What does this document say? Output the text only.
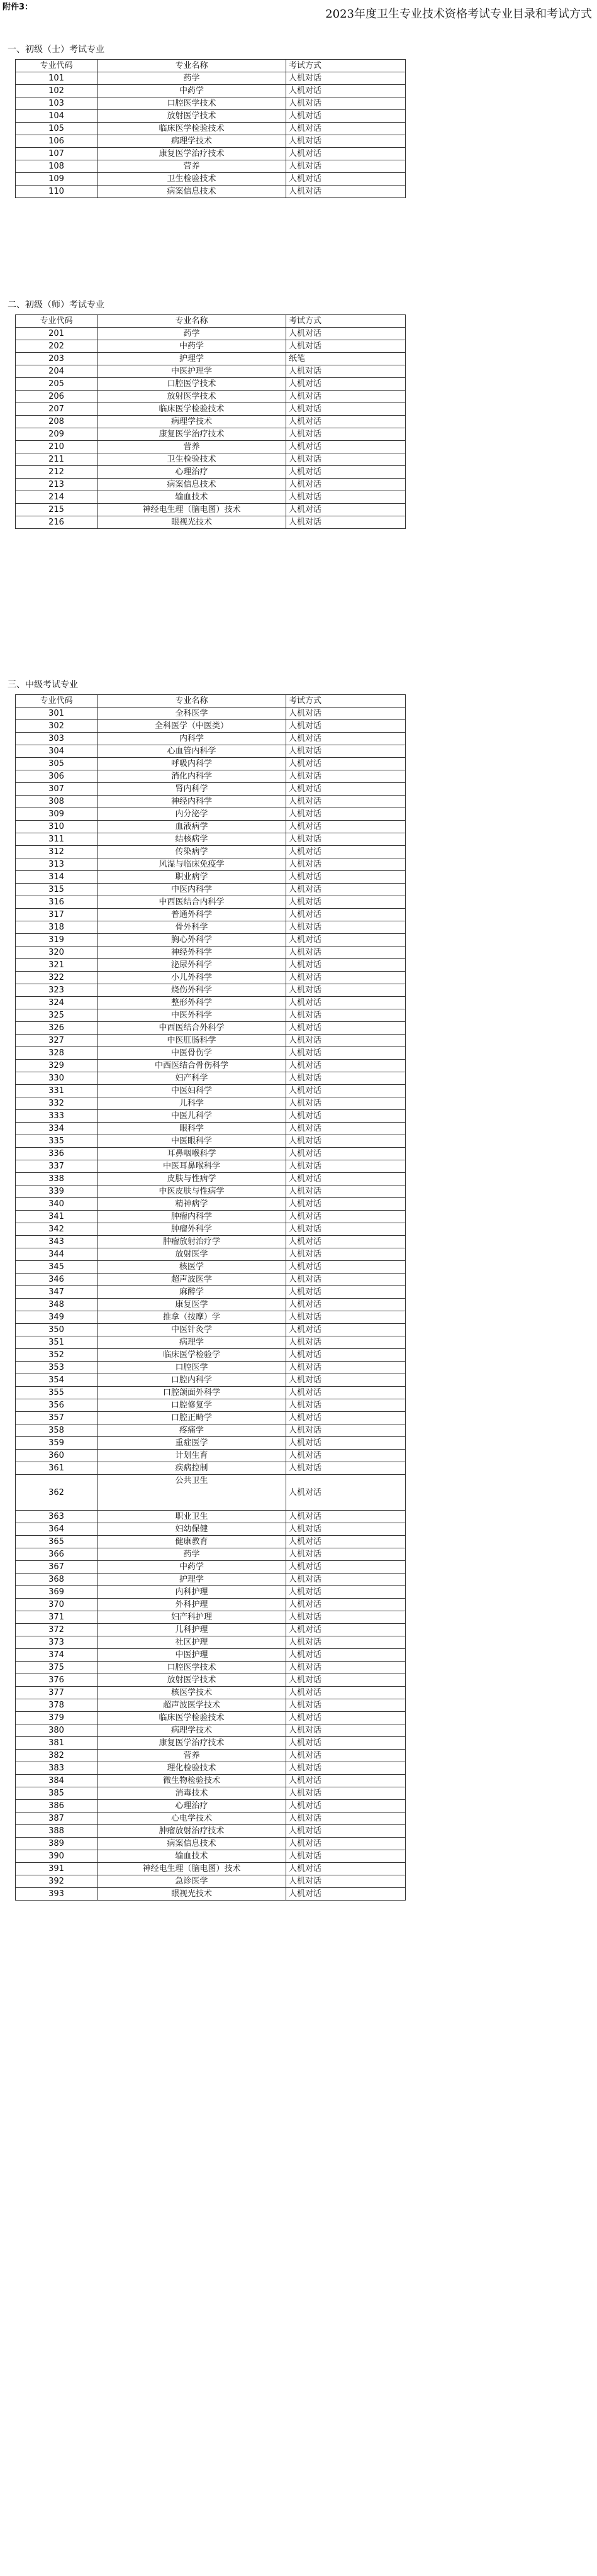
附件3：
2023年度卫生专业技术资格考试专业目录和考试方式
一、初级（士）考试专业
专业代码	专业名称	考试方式
101	药学	人机对话
102	中药学	人机对话
103	口腔医学技术	人机对话
104	放射医学技术	人机对话
105	临床医学检验技术	人机对话
106	病理学技术	人机对话
107	康复医学治疗技术	人机对话
108	营养	人机对话
109	卫生检验技术	人机对话
110	病案信息技术	人机对话
二、初级（师）考试专业
专业代码	专业名称	考试方式
201	药学	人机对话
202	中药学	人机对话
203	护理学	纸笔
204	中医护理学	人机对话
205	口腔医学技术	人机对话
206	放射医学技术	人机对话
207	临床医学检验技术	人机对话
208	病理学技术	人机对话
209	康复医学治疗技术	人机对话
210	营养	人机对话
211	卫生检验技术	人机对话
212	心理治疗	人机对话
213	病案信息技术	人机对话
214	输血技术	人机对话
215	神经电生理（脑电图）技术	人机对话
216	眼视光技术	人机对话
三、中级考试专业
专业代码	专业名称	考试方式
301	全科医学	人机对话
302	全科医学（中医类）	人机对话
303	内科学	人机对话
304	心血管内科学	人机对话
305	呼吸内科学	人机对话
306	消化内科学	人机对话
307	肾内科学	人机对话
308	神经内科学	人机对话
309	内分泌学	人机对话
310	血液病学	人机对话
311	结核病学	人机对话
312	传染病学	人机对话
313	风湿与临床免疫学	人机对话
314	职业病学	人机对话
315	中医内科学	人机对话
316	中西医结合内科学	人机对话
317	普通外科学	人机对话
318	骨外科学	人机对话
319	胸心外科学	人机对话
320	神经外科学	人机对话
321	泌尿外科学	人机对话
322	小儿外科学	人机对话
323	烧伤外科学	人机对话
324	整形外科学	人机对话
325	中医外科学	人机对话
326	中西医结合外科学	人机对话
327	中医肛肠科学	人机对话
328	中医骨伤学	人机对话
329	中西医结合骨伤科学	人机对话
330	妇产科学	人机对话
331	中医妇科学	人机对话
332	儿科学	人机对话
333	中医儿科学	人机对话
334	眼科学	人机对话
335	中医眼科学	人机对话
336	耳鼻咽喉科学	人机对话
337	中医耳鼻喉科学	人机对话
338	皮肤与性病学	人机对话
339	中医皮肤与性病学	人机对话
340	精神病学	人机对话
341	肿瘤内科学	人机对话
342	肿瘤外科学	人机对话
343	肿瘤放射治疗学	人机对话
344	放射医学	人机对话
345	核医学	人机对话
346	超声波医学	人机对话
347	麻醉学	人机对话
348	康复医学	人机对话
349	推拿（按摩）学	人机对话
350	中医针灸学	人机对话
351	病理学	人机对话
352	临床医学检验学	人机对话
353	口腔医学	人机对话
354	口腔内科学	人机对话
355	口腔颌面外科学	人机对话
356	口腔修复学	人机对话
357	口腔正畸学	人机对话
358	疼痛学	人机对话
359	重症医学	人机对话
360	计划生育	人机对话
361	疾病控制	人机对话
362	公共卫生	人机对话
363	职业卫生	人机对话
364	妇幼保健	人机对话
365	健康教育	人机对话
366	药学	人机对话
367	中药学	人机对话
368	护理学	人机对话
369	内科护理	人机对话
370	外科护理	人机对话
371	妇产科护理	人机对话
372	儿科护理	人机对话
373	社区护理	人机对话
374	中医护理	人机对话
375	口腔医学技术	人机对话
376	放射医学技术	人机对话
377	核医学技术	人机对话
378	超声波医学技术	人机对话
379	临床医学检验技术	人机对话
380	病理学技术	人机对话
381	康复医学治疗技术	人机对话
382	营养	人机对话
383	理化检验技术	人机对话
384	微生物检验技术	人机对话
385	消毒技术	人机对话
386	心理治疗	人机对话
387	心电学技术	人机对话
388	肿瘤放射治疗技术	人机对话
389	病案信息技术	人机对话
390	输血技术	人机对话
391	神经电生理（脑电图）技术	人机对话
392	急诊医学	人机对话
393	眼视光技术	人机对话
